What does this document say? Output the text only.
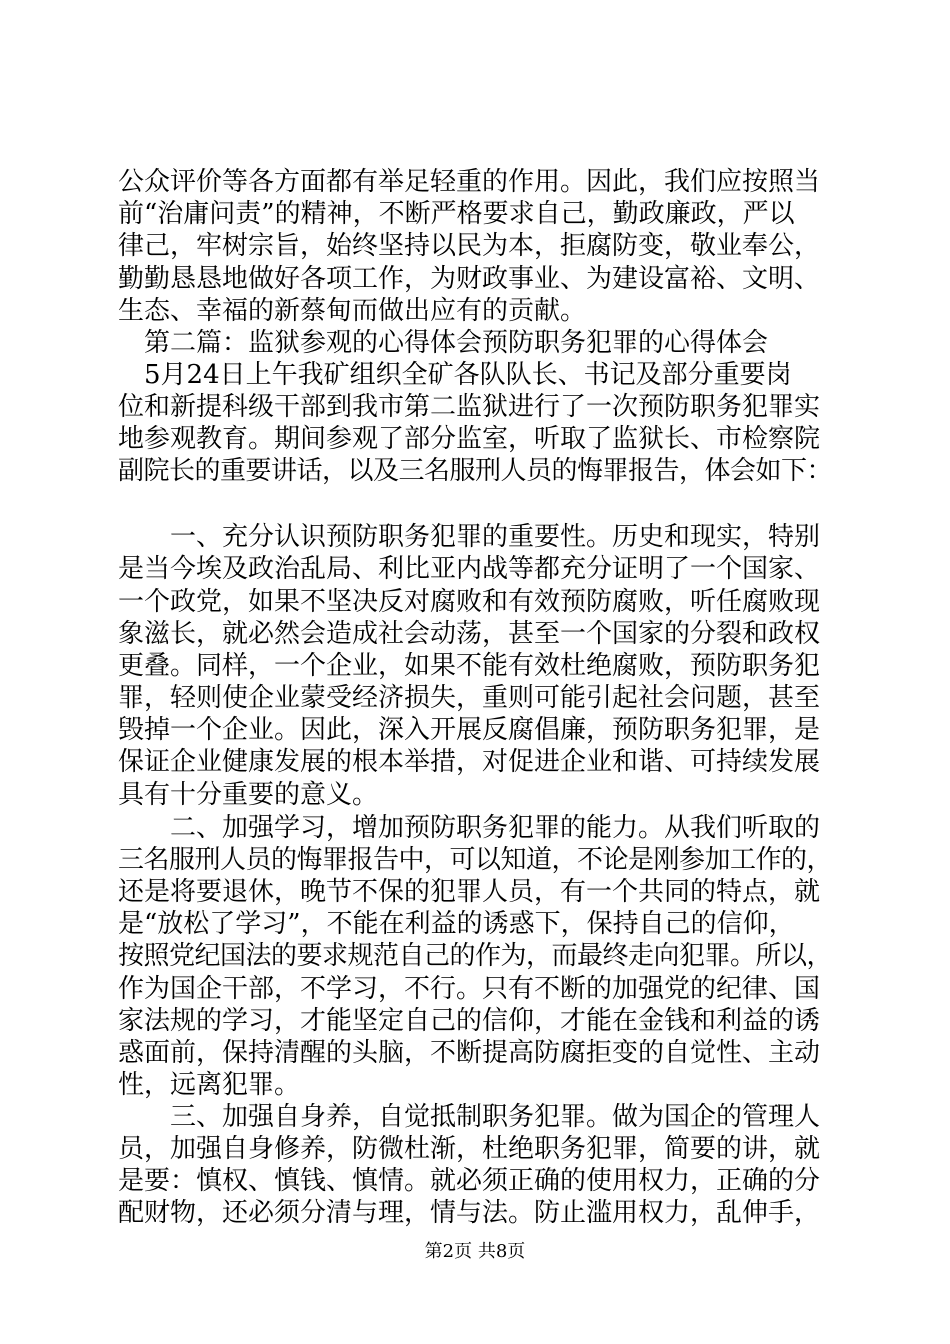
公众评价等各方面都有举足轻重的作用。因此，我们应按照当
前“治庸问责”的精神，不断严格要求自己，勤政廉政，严以
律己，牢树宗旨，始终坚持以民为本，拒腐防变，敬业奉公，
勤勤恳恳地做好各项工作，为财政事业、为建设富裕、文明、
生态、幸福的新蔡甸而做出应有的贡献。
　第二篇：监狱参观的心得体会预防职务犯罪的心得体会
　5月24日上午我矿组织全矿各队队长、书记及部分重要岗
位和新提科级干部到我市第二监狱进行了一次预防职务犯罪实
地参观教育。期间参观了部分监室，听取了监狱长、市检察院
副院长的重要讲话，以及三名服刑人员的悔罪报告，体会如下：
　　一、充分认识预防职务犯罪的重要性。历史和现实，特别
是当今埃及政治乱局、利比亚内战等都充分证明了一个国家、
一个政党，如果不坚决反对腐败和有效预防腐败，听任腐败现
象滋长，就必然会造成社会动荡，甚至一个国家的分裂和政权
更叠。同样，一个企业，如果不能有效杜绝腐败，预防职务犯
罪，轻则使企业蒙受经济损失，重则可能引起社会问题，甚至
毁掉一个企业。因此，深入开展反腐倡廉，预防职务犯罪，是
保证企业健康发展的根本举措，对促进企业和谐、可持续发展
具有十分重要的意义。
　　二、加强学习，增加预防职务犯罪的能力。从我们听取的
三名服刑人员的悔罪报告中，可以知道，不论是刚参加工作的，
还是将要退休，晚节不保的犯罪人员，有一个共同的特点，就
是“放松了学习”，不能在利益的诱惑下，保持自己的信仰，
按照党纪国法的要求规范自己的作为，而最终走向犯罪。所以，
作为国企干部，不学习，不行。只有不断的加强党的纪律、国
家法规的学习，才能坚定自己的信仰，才能在金钱和利益的诱
惑面前，保持清醒的头脑，不断提高防腐拒变的自觉性、主动
性，远离犯罪。
　　三、加强自身养，自觉抵制职务犯罪。做为国企的管理人
员，加强自身修养，防微杜渐，杜绝职务犯罪，简要的讲，就
是要：慎权、慎钱、慎情。就必须正确的使用权力，正确的分
配财物，还必须分清与理，情与法。防止滥用权力，乱伸手，
第2页 共8页
